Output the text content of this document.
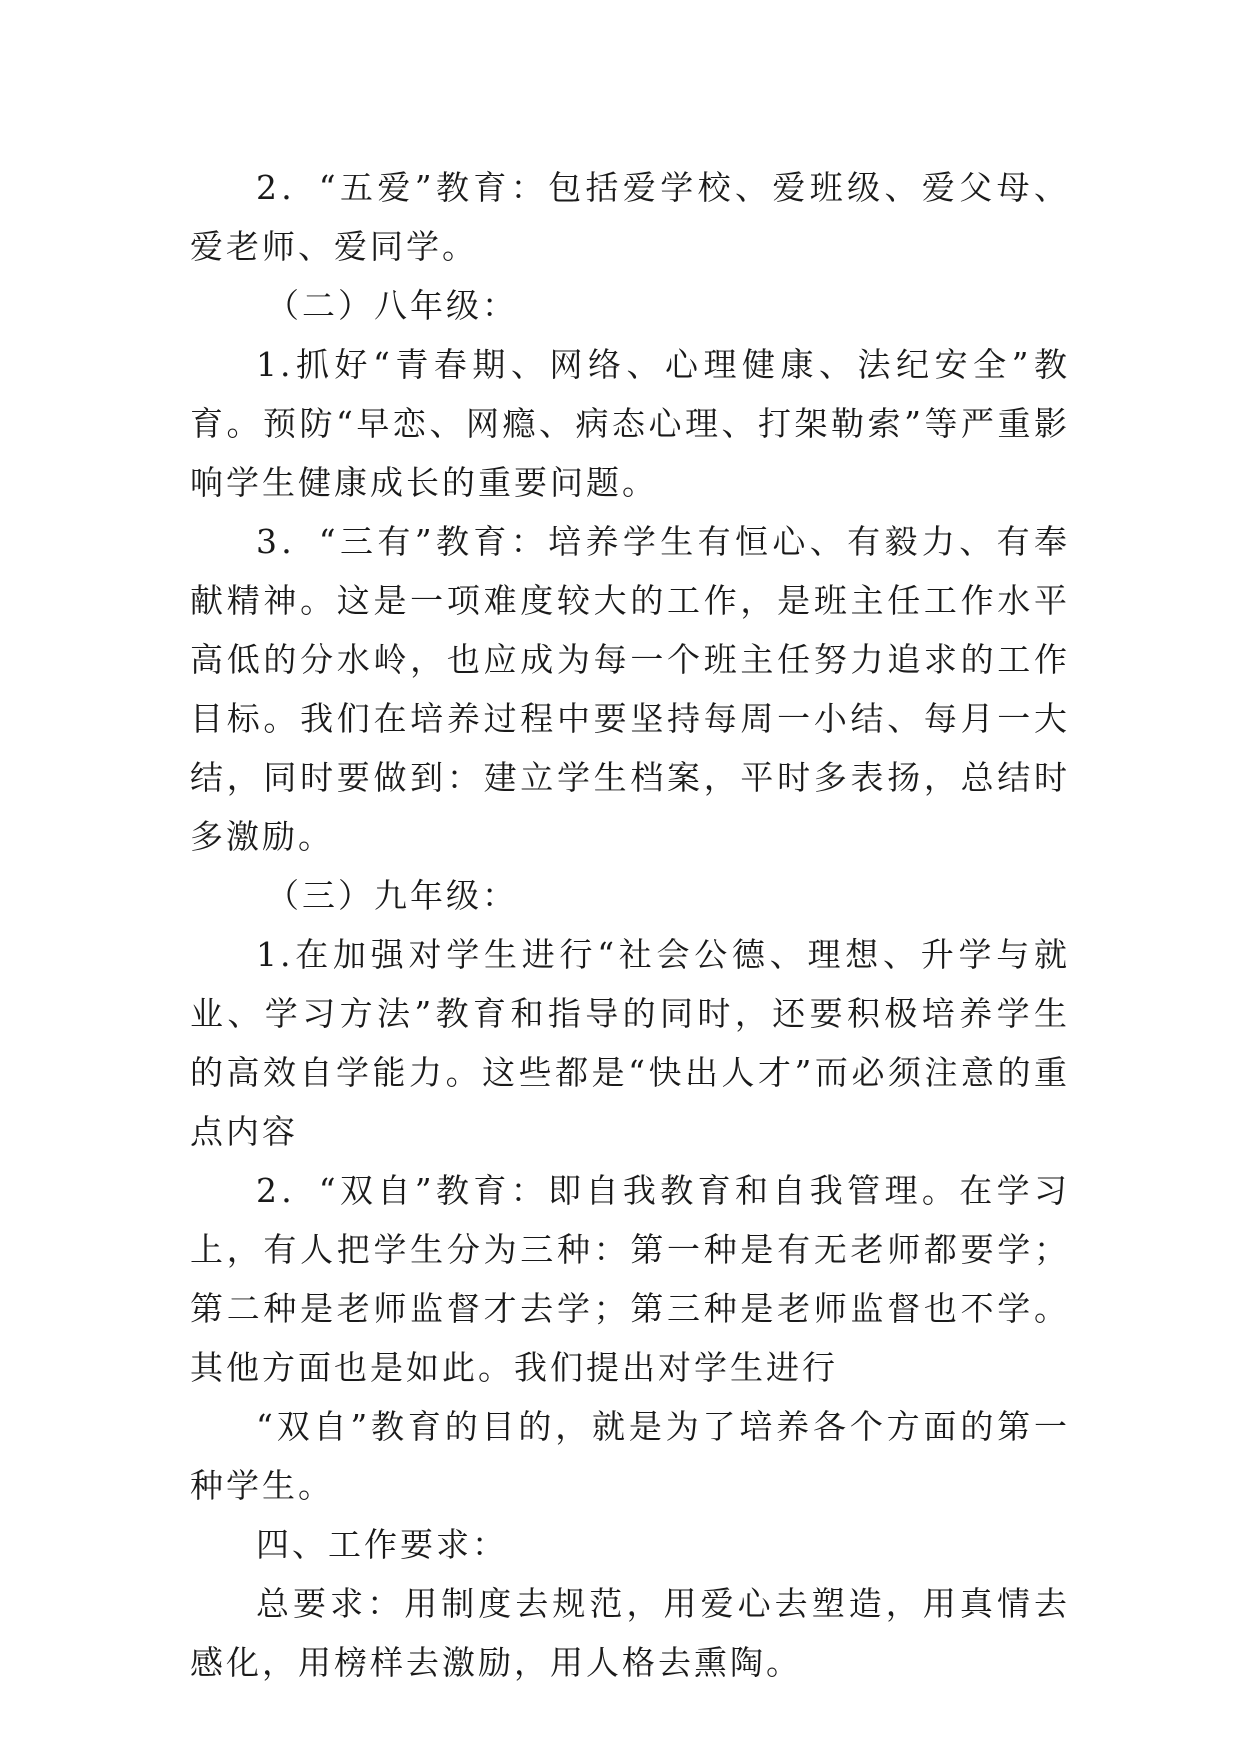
2．“五爱”教育：包括爱学校、爱班级、爱父母、爱老师、爱同学。

（二）八年级：

1.抓好“青春期、网络、心理健康、法纪安全”教育。预防“早恋、网瘾、病态心理、打架勒索”等严重影响学生健康成长的重要问题。

3．“三有”教育：培养学生有恒心、有毅力、有奉献精神。这是一项难度较大的工作，是班主任工作水平高低的分水岭，也应成为每一个班主任努力追求的工作目标。我们在培养过程中要坚持每周一小结、每月一大结，同时要做到：建立学生档案，平时多表扬，总结时多激励。

（三）九年级：

1.在加强对学生进行“社会公德、理想、升学与就业、学习方法”教育和指导的同时，还要积极培养学生的高效自学能力。这些都是“快出人才”而必须注意的重点内容

2．“双自”教育：即自我教育和自我管理。在学习上，有人把学生分为三种：第一种是有无老师都要学；第二种是老师监督才去学；第三种是老师监督也不学。其他方面也是如此。我们提出对学生进行

“双自”教育的目的，就是为了培养各个方面的第一种学生。

四、工作要求：

总要求：用制度去规范，用爱心去塑造，用真情去感化，用榜样去激励，用人格去熏陶。
